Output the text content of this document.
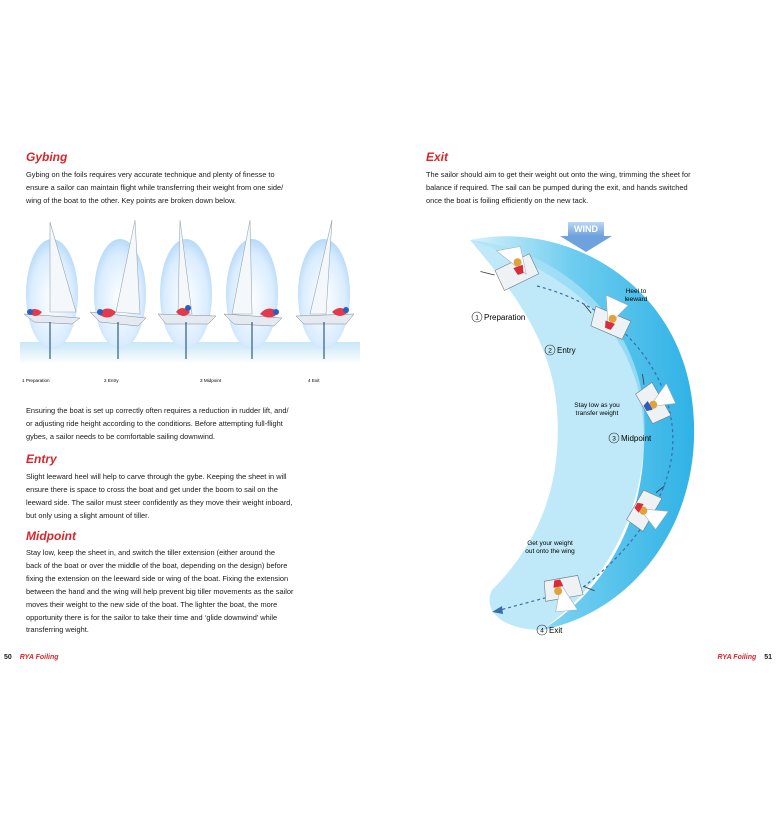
Gybing
Gybing on the foils requires very accurate technique and plenty of finesse to
ensure a sailor can maintain flight while transferring their weight from one side/
wing of the boat to the other. Key points are broken down below.
1 Preparation	2 Entry	3 Midpoint	4 Exit
Ensuring the boat is set up correctly often requires a reduction in rudder lift, and/
or adjusting ride height according to the conditions. Before attempting full-flight
gybes, a sailor needs to be comfortable sailing downwind.
Entry
Slight leeward heel will help to carve through the gybe. Keeping the sheet in will
ensure there is space to cross the boat and get under the boom to sail on the
leeward side. The sailor must steer confidently as they move their weight inboard,
but only using a slight amount of tiller.
Midpoint
Stay low, keep the sheet in, and switch the tiller extension (either around the
back of the boat or over the middle of the boat, depending on the design) before
fixing the extension on the leeward side or wing of the boat. Fixing the extension
between the hand and the wing will help prevent big tiller movements as the sailor
moves their weight to the new side of the boat. The lighter the boat, the more
opportunity there is for the sailor to take their time and ‘glide downwind’ while
transferring weight.
50 RYA Foiling
Exit
The sailor should aim to get their weight out onto the wing, trimming the sheet for
balance if required. The sail can be pumped during the exit, and hands switched
once the boat is foiling efficiently on the new tack.
WIND
1 Preparation
2 Entry
3 Midpoint
4 Exit
Heel to
leeward
Stay low as you
transfer weight
Get your weight
out onto the wing
RYA Foiling 51
